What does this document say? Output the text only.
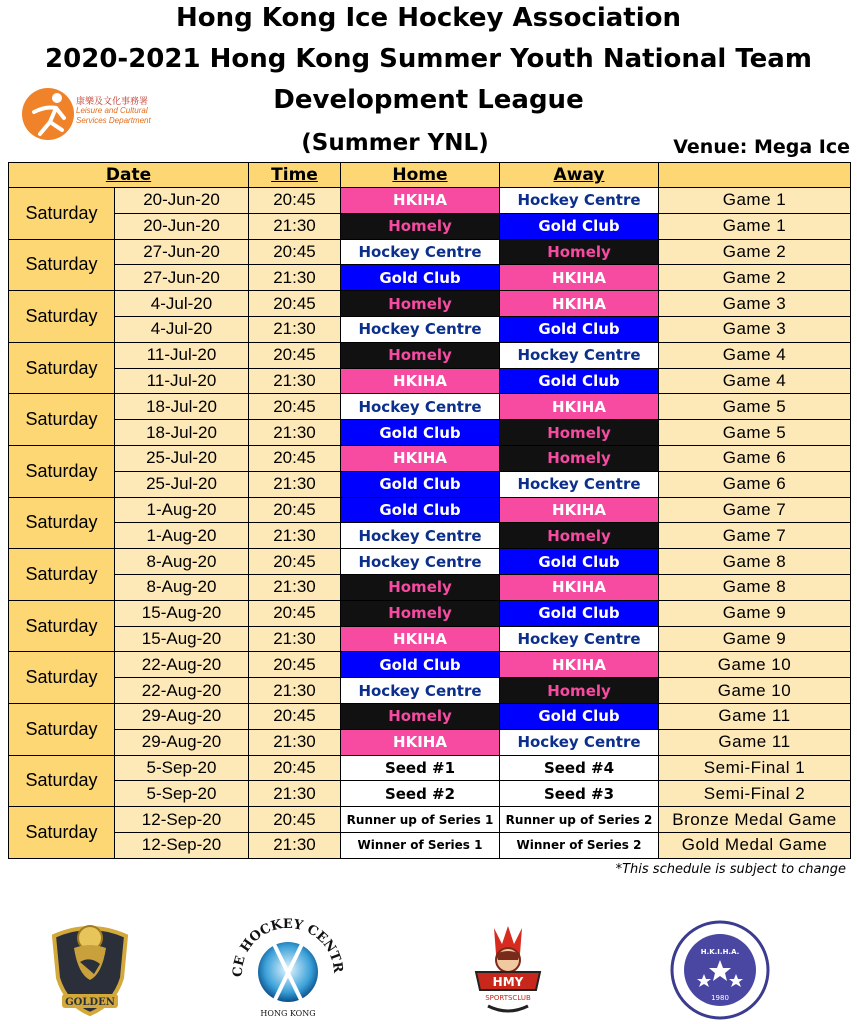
Hong Kong Ice Hockey Association
2020-2021 Hong Kong Summer Youth National Team
Development League
康樂及文化事務署
Leisure and Cultural
Services Department
(Summer YNL)	Venue: Mega Ice
Date		Time	Home	Away	
Saturday	20-Jun-20	20:45	HKIHA	Hockey Centre	Game 1
	20-Jun-20	21:30	Homely	Gold Club	Game 1
Saturday	27-Jun-20	20:45	Hockey Centre	Homely	Game 2
	27-Jun-20	21:30	Gold Club	HKIHA	Game 2
Saturday	4-Jul-20	20:45	Homely	HKIHA	Game 3
	4-Jul-20	21:30	Hockey Centre	Gold Club	Game 3
Saturday	11-Jul-20	20:45	Homely	Hockey Centre	Game 4
	11-Jul-20	21:30	HKIHA	Gold Club	Game 4
Saturday	18-Jul-20	20:45	Hockey Centre	HKIHA	Game 5
	18-Jul-20	21:30	Gold Club	Homely	Game 5
Saturday	25-Jul-20	20:45	HKIHA	Homely	Game 6
	25-Jul-20	21:30	Gold Club	Hockey Centre	Game 6
Saturday	1-Aug-20	20:45	Gold Club	HKIHA	Game 7
	1-Aug-20	21:30	Hockey Centre	Homely	Game 7
Saturday	8-Aug-20	20:45	Hockey Centre	Gold Club	Game 8
	8-Aug-20	21:30	Homely	HKIHA	Game 8
Saturday	15-Aug-20	20:45	Homely	Gold Club	Game 9
	15-Aug-20	21:30	HKIHA	Hockey Centre	Game 9
Saturday	22-Aug-20	20:45	Gold Club	HKIHA	Game 10
	22-Aug-20	21:30	Hockey Centre	Homely	Game 10
Saturday	29-Aug-20	20:45	Homely	Gold Club	Game 11
	29-Aug-20	21:30	HKIHA	Hockey Centre	Game 11
Saturday	5-Sep-20	20:45	Seed #1	Seed #4	Semi-Final 1
	5-Sep-20	21:30	Seed #2	Seed #3	Semi-Final 2
Saturday	12-Sep-20	20:45	Runner up of Series 1	Runner up of Series 2	Bronze Medal Game
	12-Sep-20	21:30	Winner of Series 1	Winner of Series 2	Gold Medal Game
*This schedule is subject to change
GOLDEN
CE HOCKEY CENTR
HONG KONG
HMY
SPORTSCLUB
H.K.I.H.A.
1980
